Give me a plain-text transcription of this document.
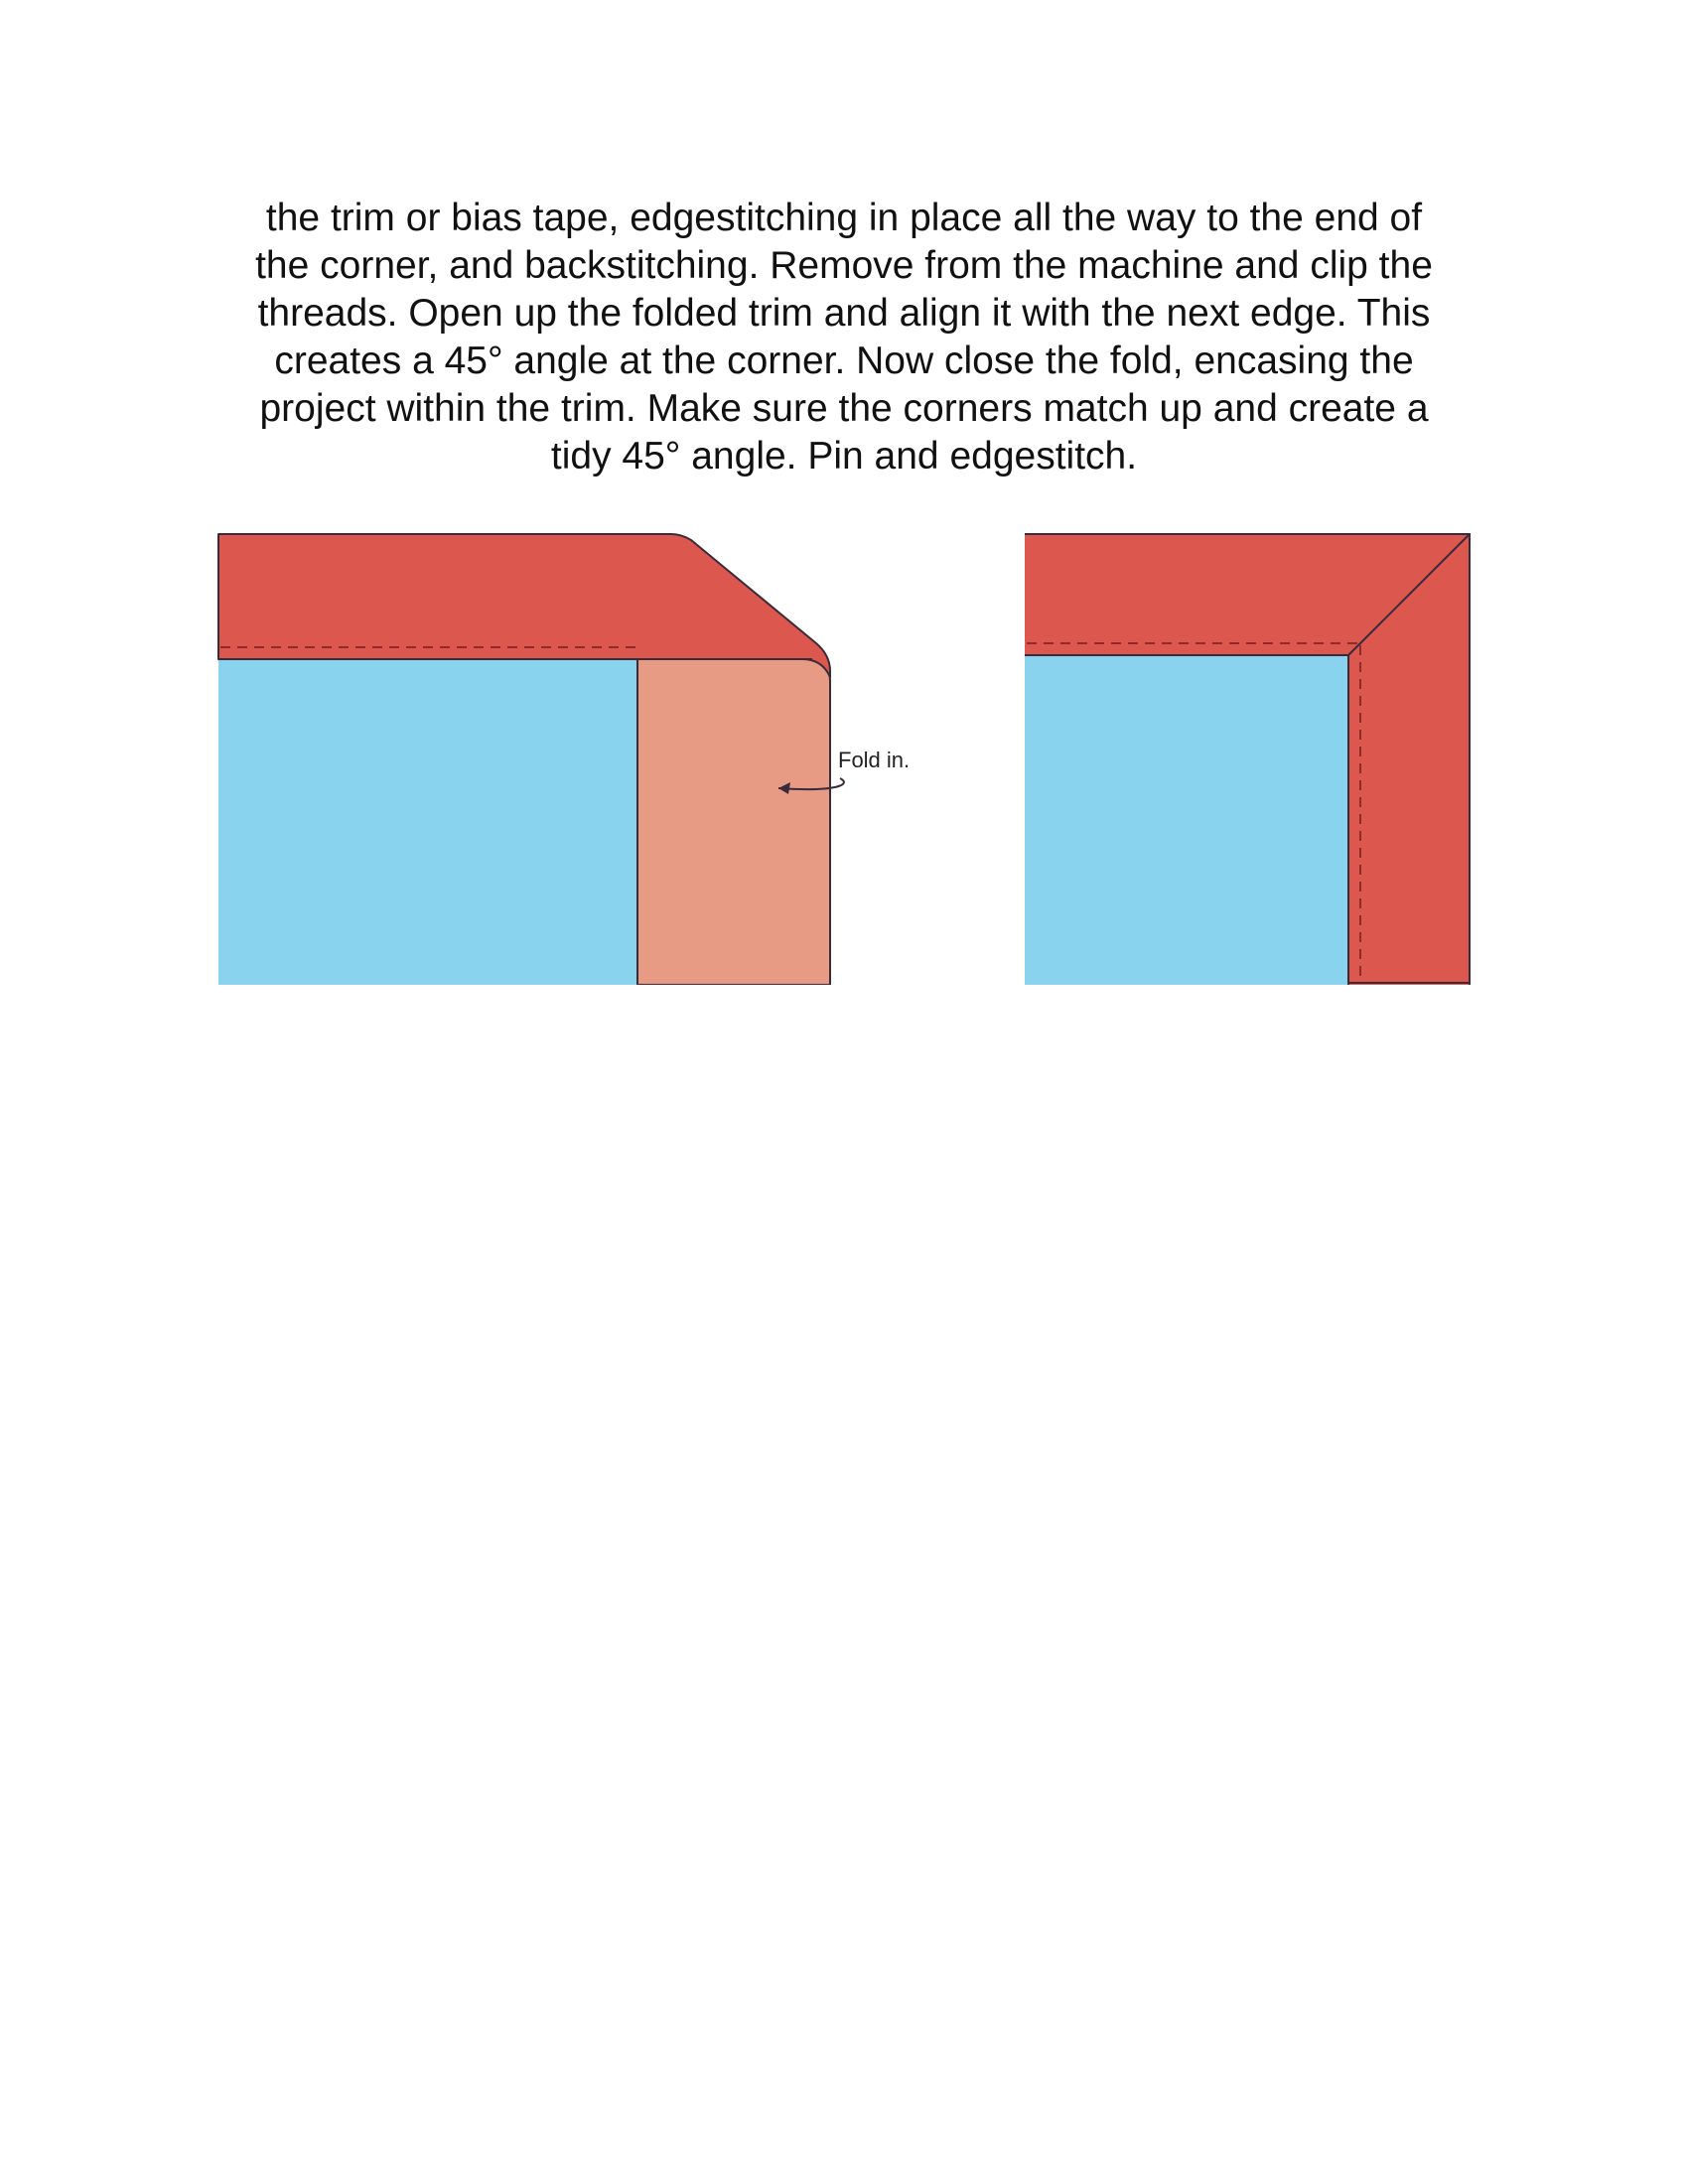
the trim or bias tape, edgestitching in place all the way to the end of
the corner, and backstitching. Remove from the machine and clip the
threads. Open up the folded trim and align it with the next edge. This
creates a 45° angle at the corner. Now close the fold, encasing the
project within the trim. Make sure the corners match up and create a
tidy 45° angle. Pin and edgestitch.

Fold in.
